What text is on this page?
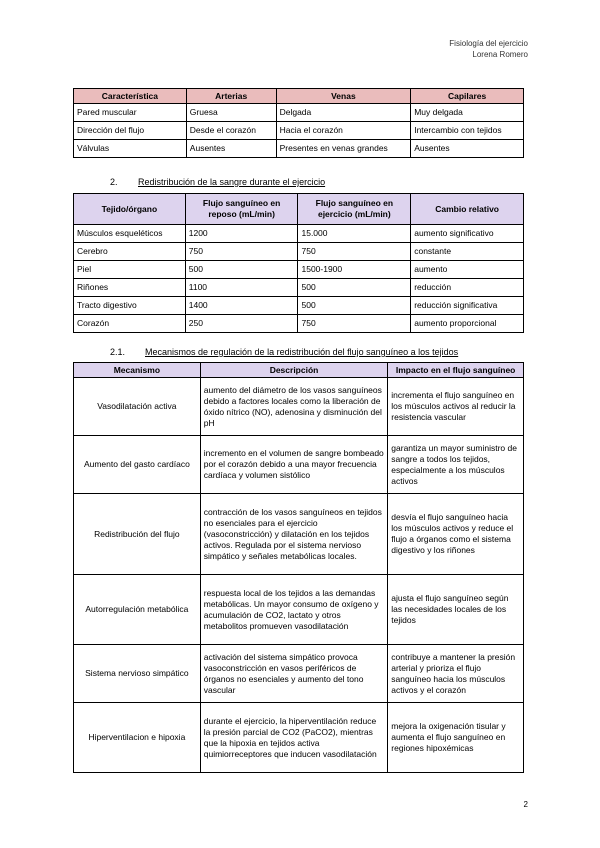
Fisiología del ejercicio
Lorena Romero
Característica	Arterias	Venas	Capilares
Pared muscular	Gruesa	Delgada	Muy delgada
Dirección del flujo	Desde el corazón	Hacia el corazón	Intercambio con tejidos
Válvulas	Ausentes	Presentes en venas grandes	Ausentes
2. Redistribución de la sangre durante el ejercicio
Tejido/órgano	Flujo sanguíneo en reposo (mL/min)	Flujo sanguíneo en ejercicio (mL/min)	Cambio relativo
Músculos esqueléticos	1200	15.000	aumento significativo
Cerebro	750	750	constante
Piel	500	1500-1900	aumento
Riñones	1100	500	reducción
Tracto digestivo	1400	500	reducción significativa
Corazón	250	750	aumento proporcional
2.1. Mecanismos de regulación de la redistribución del flujo sanguíneo a los tejidos
Mecanismo	Descripción	Impacto en el flujo sanguíneo
Vasodilatación activa	aumento del diámetro de los vasos sanguíneos debido a factores locales como la liberación de óxido nítrico (NO), adenosina y disminución del pH	incrementa el flujo sanguíneo en los músculos activos al reducir la resistencia vascular
Aumento del gasto cardíaco	incremento en el volumen de sangre bombeado por el corazón debido a una mayor frecuencia cardíaca y volumen sistólico	garantiza un mayor suministro de sangre a todos los tejidos, especialmente a los músculos activos
Redistribución del flujo	contracción de los vasos sanguíneos en tejidos no esenciales para el ejercicio (vasoconstricción) y dilatación en los tejidos activos. Regulada por el sistema nervioso simpático y señales metabólicas locales.	desvía el flujo sanguíneo hacia los músculos activos y reduce el flujo a órganos como el sistema digestivo y los riñones
Autorregulación metabólica	respuesta local de los tejidos a las demandas metabólicas. Un mayor consumo de oxígeno y acumulación de CO2, lactato y otros metabolitos promueven vasodilatación	ajusta el flujo sanguíneo según las necesidades locales de los tejidos
Sistema nervioso simpático	activación del sistema simpático provoca vasoconstricción en vasos periféricos de órganos no esenciales y aumento del tono vascular	contribuye a mantener la presión arterial y prioriza el flujo sanguíneo hacia los músculos activos y el corazón
Hiperventilacion e hipoxia	durante el ejercicio, la hiperventilación reduce la presión parcial de CO2 (PaCO2), mientras que la hipoxia en tejidos activa quimiorreceptores que inducen vasodilatación	mejora la oxigenación tisular y aumenta el flujo sanguíneo en regiones hipoxémicas
2
